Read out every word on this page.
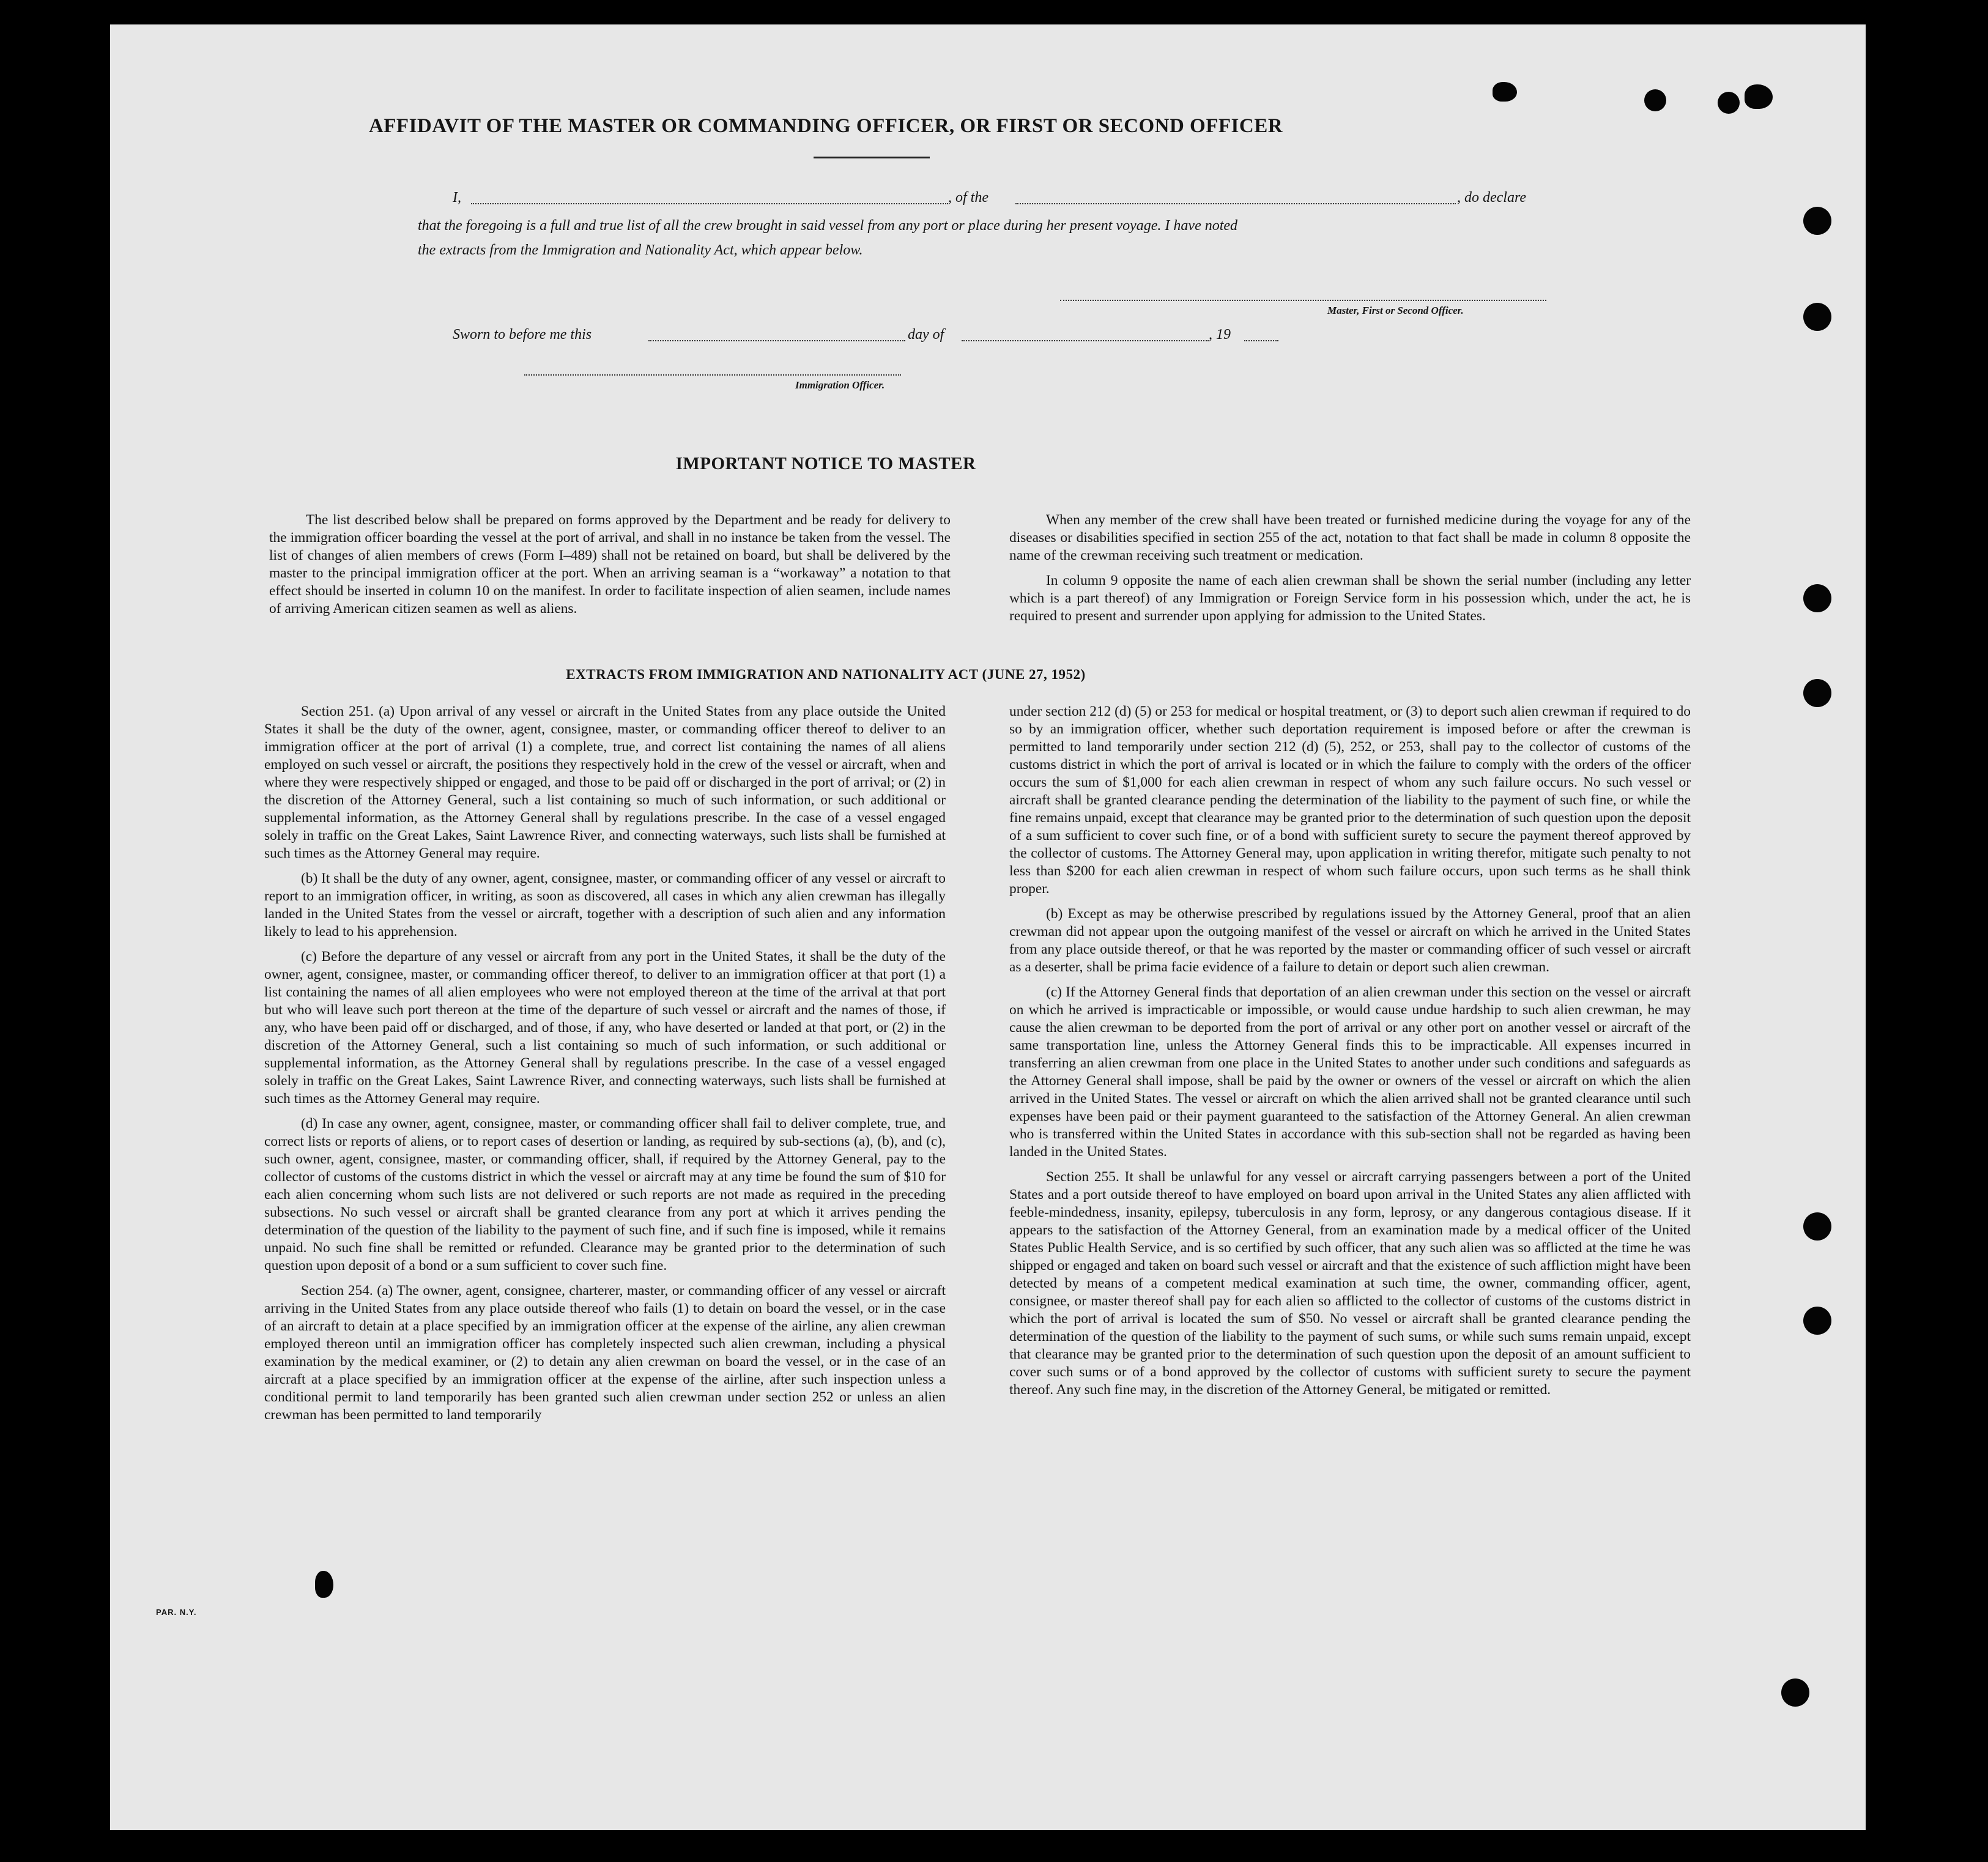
AFFIDAVIT OF THE MASTER OR COMMANDING OFFICER, OR FIRST OR SECOND OFFICER
I,	, of the	, do declare
that the foregoing is a full and true list of all the crew brought in said vessel from any port or place during her present voyage. I have noted
the extracts from the Immigration and Nationality Act, which appear below.
Master, First or Second Officer.
Sworn to before me this	day of	, 19
Immigration Officer.
IMPORTANT NOTICE TO MASTER

The list described below shall be prepared on forms approved by the Department and be ready for delivery to the immigration officer boarding the vessel at the port of arrival, and shall in no instance be taken from the vessel. The list of changes of alien members of crews (Form I–489) shall not be retained on board, but shall be delivered by the master to the principal immigration officer at the port. When an arriving seaman is a “workaway” a notation to that effect should be inserted in column 10 on the manifest. In order to facilitate inspection of alien seamen, include names of arriving American citizen seamen as well as aliens.

When any member of the crew shall have been treated or furnished medicine during the voyage for any of the diseases or disabilities specified in section 255 of the act, notation to that fact shall be made in column 8 opposite the name of the crewman receiving such treatment or medication.

In column 9 opposite the name of each alien crewman shall be shown the serial number (including any letter which is a part thereof) of any Immigration or Foreign Service form in his possession which, under the act, he is required to present and surrender upon applying for admission to the United States.

EXTRACTS FROM IMMIGRATION AND NATIONALITY ACT (JUNE 27, 1952)

Section 251. (a) Upon arrival of any vessel or aircraft in the United States from any place outside the United States it shall be the duty of the owner, agent, consignee, master, or commanding officer thereof to deliver to an immigration officer at the port of arrival (1) a complete, true, and correct list containing the names of all aliens employed on such vessel or aircraft, the positions they respectively hold in the crew of the vessel or aircraft, when and where they were respectively shipped or engaged, and those to be paid off or discharged in the port of arrival; or (2) in the discretion of the Attorney General, such a list containing so much of such information, or such additional or supplemental information, as the Attorney General shall by regulations prescribe. In the case of a vessel engaged solely in traffic on the Great Lakes, Saint Lawrence River, and connecting waterways, such lists shall be furnished at such times as the Attorney General may require.

(b) It shall be the duty of any owner, agent, consignee, master, or commanding officer of any vessel or aircraft to report to an immigration officer, in writing, as soon as discovered, all cases in which any alien crewman has illegally landed in the United States from the vessel or aircraft, together with a description of such alien and any information likely to lead to his apprehension.

(c) Before the departure of any vessel or aircraft from any port in the United States, it shall be the duty of the owner, agent, consignee, master, or commanding officer thereof, to deliver to an immigration officer at that port (1) a list containing the names of all alien employees who were not employed thereon at the time of the arrival at that port but who will leave such port thereon at the time of the departure of such vessel or aircraft and the names of those, if any, who have been paid off or discharged, and of those, if any, who have deserted or landed at that port, or (2) in the discretion of the Attorney General, such a list containing so much of such information, or such additional or supplemental information, as the Attorney General shall by regulations prescribe. In the case of a vessel engaged solely in traffic on the Great Lakes, Saint Lawrence River, and connecting waterways, such lists shall be furnished at such times as the Attorney General may require.

(d) In case any owner, agent, consignee, master, or commanding officer shall fail to deliver complete, true, and correct lists or reports of aliens, or to report cases of desertion or landing, as required by sub-sections (a), (b), and (c), such owner, agent, consignee, master, or commanding officer, shall, if required by the Attorney General, pay to the collector of customs of the customs district in which the vessel or aircraft may at any time be found the sum of $10 for each alien concerning whom such lists are not delivered or such reports are not made as required in the preceding subsections. No such vessel or aircraft shall be granted clearance from any port at which it arrives pending the determination of the question of the liability to the payment of such fine, and if such fine is imposed, while it remains unpaid. No such fine shall be remitted or refunded. Clearance may be granted prior to the determination of such question upon deposit of a bond or a sum sufficient to cover such fine.

Section 254. (a) The owner, agent, consignee, charterer, master, or commanding officer of any vessel or aircraft arriving in the United States from any place outside thereof who fails (1) to detain on board the vessel, or in the case of an aircraft to detain at a place specified by an immigration officer at the expense of the airline, any alien crewman employed thereon until an immigration officer has completely inspected such alien crewman, including a physical examination by the medical examiner, or (2) to detain any alien crewman on board the vessel, or in the case of an aircraft at a place specified by an immigration officer at the expense of the airline, after such inspection unless a conditional permit to land temporarily has been granted such alien crewman under section 252 or unless an alien crewman has been permitted to land temporarily

under section 212 (d) (5) or 253 for medical or hospital treatment, or (3) to deport such alien crewman if required to do so by an immigration officer, whether such deportation requirement is imposed before or after the crewman is permitted to land temporarily under section 212 (d) (5), 252, or 253, shall pay to the collector of customs of the customs district in which the port of arrival is located or in which the failure to comply with the orders of the officer occurs the sum of $1,000 for each alien crewman in respect of whom any such failure occurs. No such vessel or aircraft shall be granted clearance pending the determination of the liability to the payment of such fine, or while the fine remains unpaid, except that clearance may be granted prior to the determination of such question upon the deposit of a sum sufficient to cover such fine, or of a bond with sufficient surety to secure the payment thereof approved by the collector of customs. The Attorney General may, upon application in writing therefor, mitigate such penalty to not less than $200 for each alien crewman in respect of whom such failure occurs, upon such terms as he shall think proper.

(b) Except as may be otherwise prescribed by regulations issued by the Attorney General, proof that an alien crewman did not appear upon the outgoing manifest of the vessel or aircraft on which he arrived in the United States from any place outside thereof, or that he was reported by the master or commanding officer of such vessel or aircraft as a deserter, shall be prima facie evidence of a failure to detain or deport such alien crewman.

(c) If the Attorney General finds that deportation of an alien crewman under this section on the vessel or aircraft on which he arrived is impracticable or impossible, or would cause undue hardship to such alien crewman, he may cause the alien crewman to be deported from the port of arrival or any other port on another vessel or aircraft of the same transportation line, unless the Attorney General finds this to be impracticable. All expenses incurred in transferring an alien crewman from one place in the United States to another under such conditions and safeguards as the Attorney General shall impose, shall be paid by the owner or owners of the vessel or aircraft on which the alien arrived in the United States. The vessel or aircraft on which the alien arrived shall not be granted clearance until such expenses have been paid or their payment guaranteed to the satisfaction of the Attorney General. An alien crewman who is transferred within the United States in accordance with this sub-section shall not be regarded as having been landed in the United States.

Section 255. It shall be unlawful for any vessel or aircraft carrying passengers between a port of the United States and a port outside thereof to have employed on board upon arrival in the United States any alien afflicted with feeble-mindedness, insanity, epilepsy, tuberculosis in any form, leprosy, or any dangerous contagious disease. If it appears to the satisfaction of the Attorney General, from an examination made by a medical officer of the United States Public Health Service, and is so certified by such officer, that any such alien was so afflicted at the time he was shipped or engaged and taken on board such vessel or aircraft and that the existence of such affliction might have been detected by means of a competent medical examination at such time, the owner, commanding officer, agent, consignee, or master thereof shall pay for each alien so afflicted to the collector of customs of the customs district in which the port of arrival is located the sum of $50. No vessel or aircraft shall be granted clearance pending the determination of the question of the liability to the payment of such sums, or while such sums remain unpaid, except that clearance may be granted prior to the determination of such question upon the deposit of an amount sufficient to cover such sums or of a bond approved by the collector of customs with sufficient surety to secure the payment thereof. Any such fine may, in the discretion of the Attorney General, be mitigated or remitted.

PAR. N.Y.
